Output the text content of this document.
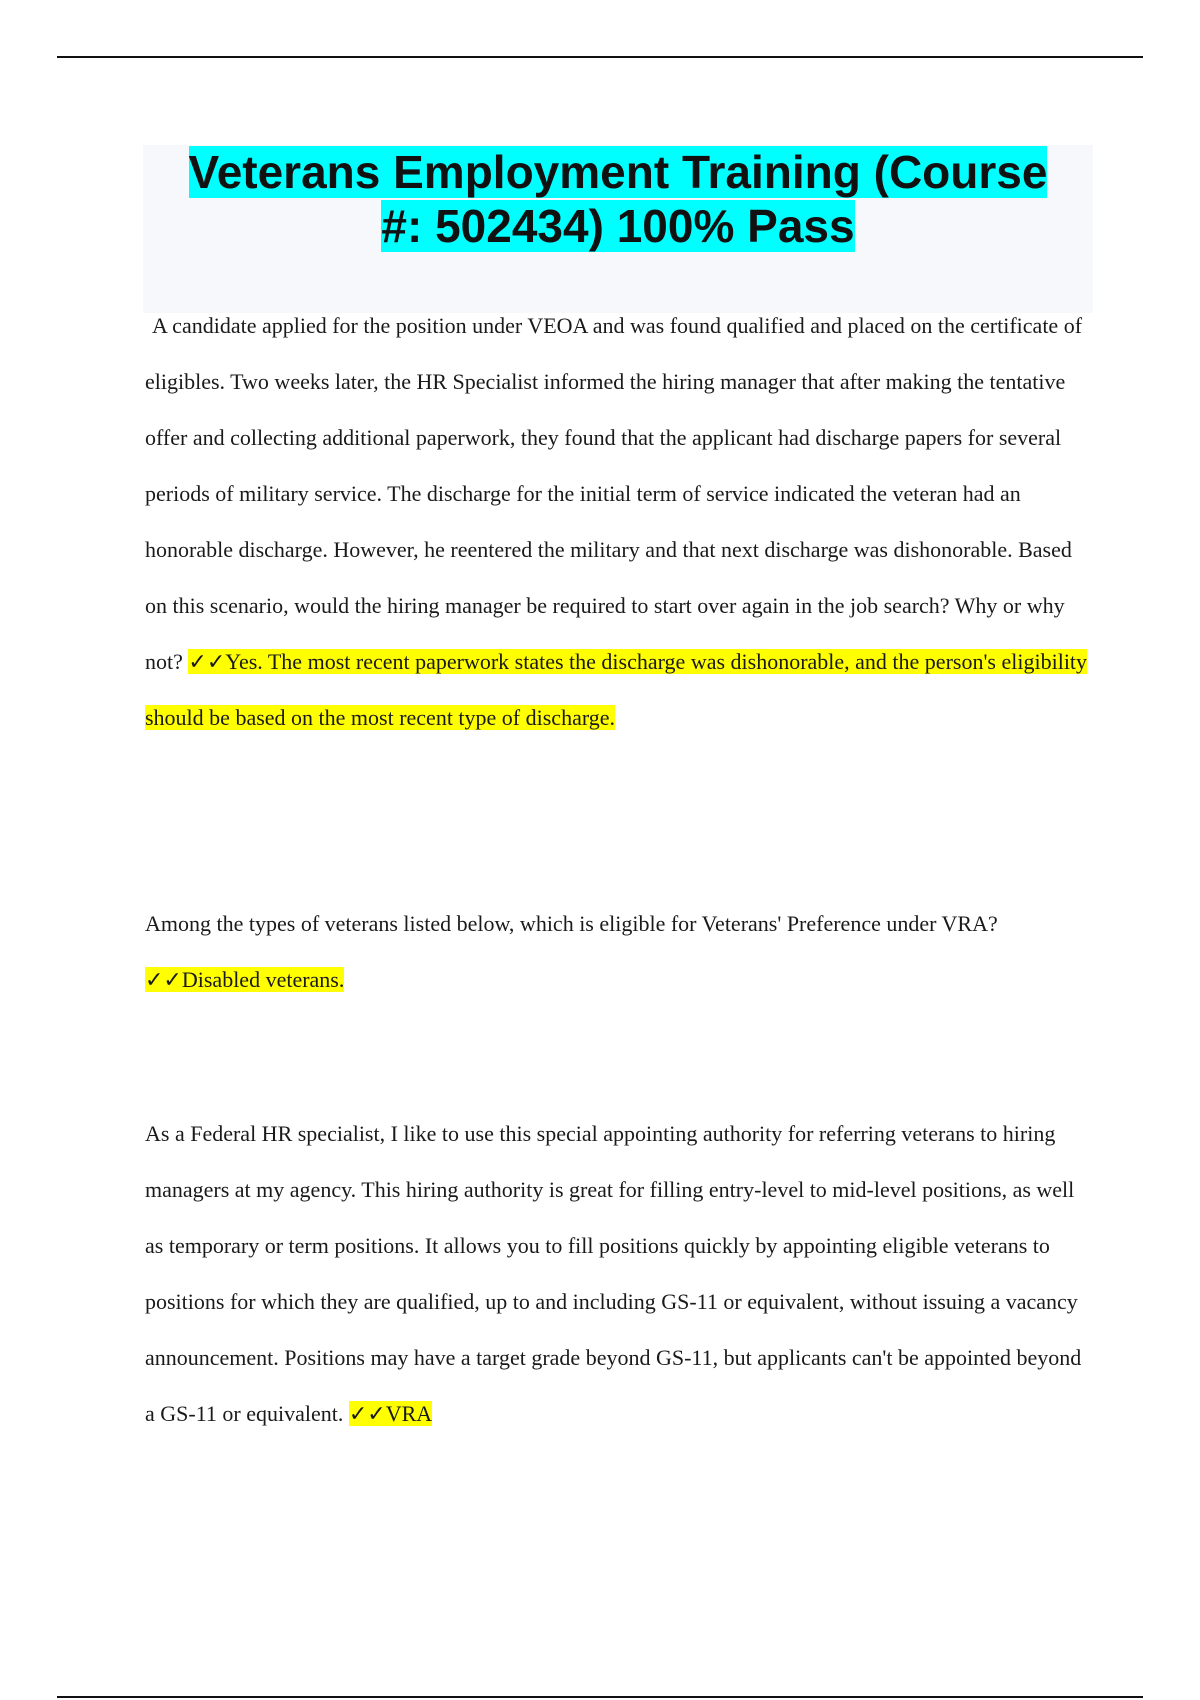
Veterans Employment Training (Course
#: 502434) 100% Pass
A candidate applied for the position under VEOA and was found qualified and placed on the certificate of eligibles. Two weeks later, the HR Specialist informed the hiring manager that after making the tentative offer and collecting additional paperwork, they found that the applicant had discharge papers for several periods of military service. The discharge for the initial term of service indicated the veteran had an honorable discharge. However, he reentered the military and that next discharge was dishonorable. Based on this scenario, would the hiring manager be required to start over again in the job search? Why or why not? ✓✓Yes. The most recent paperwork states the discharge was dishonorable, and the person's eligibility should be based on the most recent type of discharge.
Among the types of veterans listed below, which is eligible for Veterans' Preference under VRA? ✓✓Disabled veterans.
As a Federal HR specialist, I like to use this special appointing authority for referring veterans to hiring managers at my agency. This hiring authority is great for filling entry-level to mid-level positions, as well as temporary or term positions. It allows you to fill positions quickly by appointing eligible veterans to positions for which they are qualified, up to and including GS-11 or equivalent, without issuing a vacancy announcement. Positions may have a target grade beyond GS-11, but applicants can't be appointed beyond a GS-11 or equivalent. ✓✓VRA
